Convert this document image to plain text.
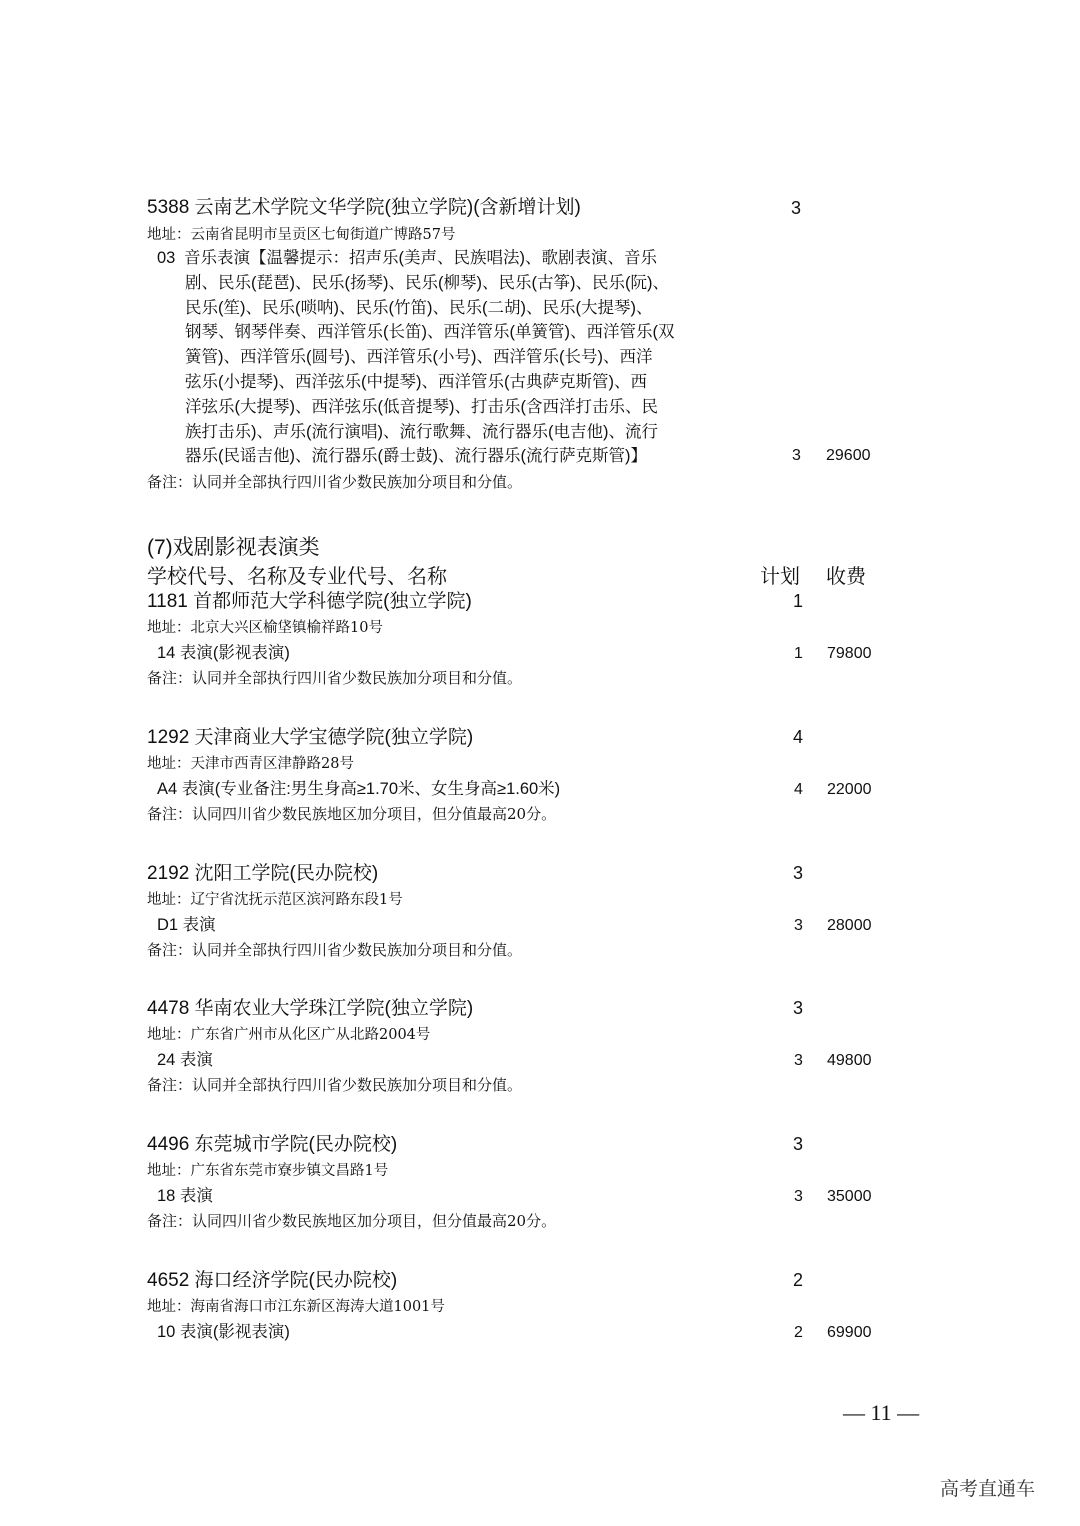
5388 云南艺术学院文华学院(独立学院)(含新增计划)	3
地址：云南省昆明市呈贡区七甸街道广博路57号
03 音乐表演【温馨提示：招声乐(美声、民族唱法)、歌剧表演、音乐
剧、民乐(琵琶)、民乐(扬琴)、民乐(柳琴)、民乐(古筝)、民乐(阮)、
民乐(笙)、民乐(唢呐)、民乐(竹笛)、民乐(二胡)、民乐(大提琴)、
钢琴、钢琴伴奏、西洋管乐(长笛)、西洋管乐(单簧管)、西洋管乐(双
簧管)、西洋管乐(圆号)、西洋管乐(小号)、西洋管乐(长号)、西洋
弦乐(小提琴)、西洋弦乐(中提琴)、西洋管乐(古典萨克斯管)、西
洋弦乐(大提琴)、西洋弦乐(低音提琴)、打击乐(含西洋打击乐、民
族打击乐)、声乐(流行演唱)、流行歌舞、流行器乐(电吉他)、流行
器乐(民谣吉他)、流行器乐(爵士鼓)、流行器乐(流行萨克斯管)】	3 29600
备注：认同并全部执行四川省少数民族加分项目和分值。
(7)戏剧影视表演类
学校代号、名称及专业代号、名称	计划 收费
1181 首都师范大学科德学院(独立学院)	1
地址：北京大兴区榆垡镇榆祥路10号
14 表演(影视表演)	1 79800
备注：认同并全部执行四川省少数民族加分项目和分值。
1292 天津商业大学宝德学院(独立学院)	4
地址：天津市西青区津静路28号
A4 表演(专业备注:男生身高≥1.70米、女生身高≥1.60米)	4 22000
备注：认同四川省少数民族地区加分项目，但分值最高20分。
2192 沈阳工学院(民办院校)	3
地址：辽宁省沈抚示范区滨河路东段1号
D1 表演	3 28000
备注：认同并全部执行四川省少数民族加分项目和分值。
4478 华南农业大学珠江学院(独立学院)	3
地址：广东省广州市从化区广从北路2004号
24 表演	3 49800
备注：认同并全部执行四川省少数民族加分项目和分值。
4496 东莞城市学院(民办院校)	3
地址：广东省东莞市寮步镇文昌路1号
18 表演	3 35000
备注：认同四川省少数民族地区加分项目，但分值最高20分。
4652 海口经济学院(民办院校)	2
地址：海南省海口市江东新区海涛大道1001号
10 表演(影视表演)	2 69900
— 11 —
高考直通车
